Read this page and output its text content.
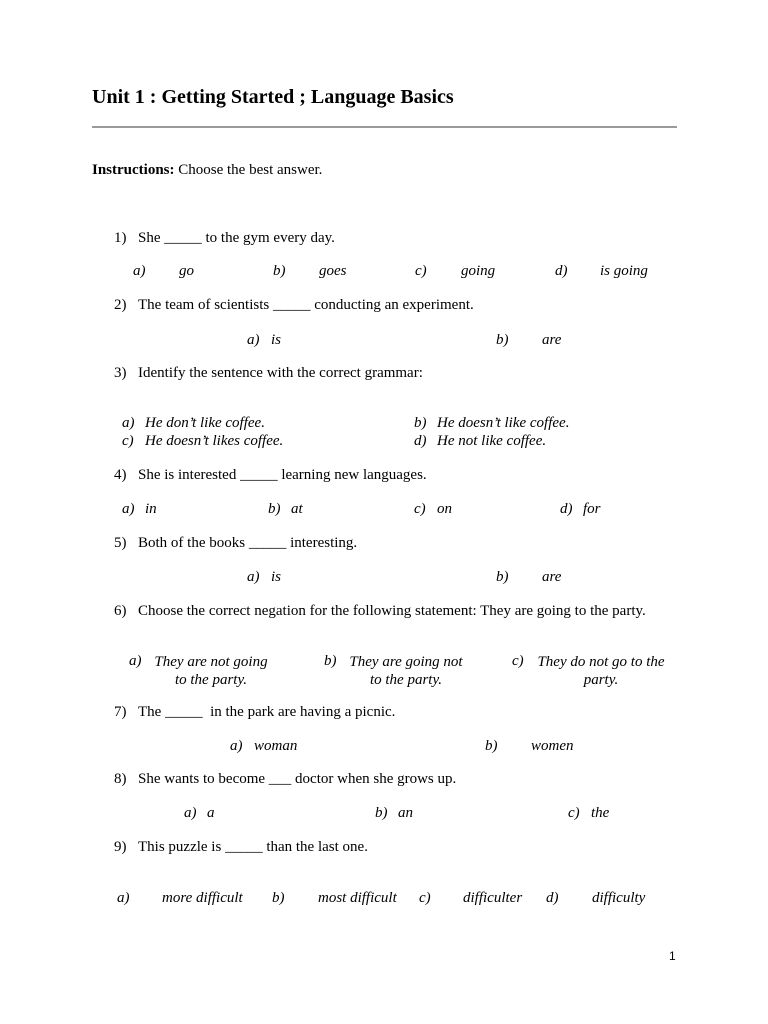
Unit 1 : Getting Started ; Language Basics
Instructions: Choose the best answer.
1) She _____ to the gym every day.
a) go	b) goes	c) going	d) is going
2) The team of scientists _____ conducting an experiment.
a) is	b) are
3) Identify the sentence with the correct grammar:
a) He don’t like coffee.	b) He doesn’t like coffee.
c) He doesn’t likes coffee.	d) He not like coffee.
4) She is interested _____ learning new languages.
a) in	b) at	c) on	d) for
5) Both of the books _____ interesting.
a) is	b) are
6) Choose the correct negation for the following statement: They are going to the party.
a) They are not going to the party.
b) They are going not to the party.
c) They do not go to the party.
7) The _____  in the park are having a picnic.
a) woman	b) women
8) She wants to become ___ doctor when she grows up.
a) a	b) an	c) the
9) This puzzle is _____ than the last one.
a) more difficult b) most difficult c) difficulter d) difficulty
1
